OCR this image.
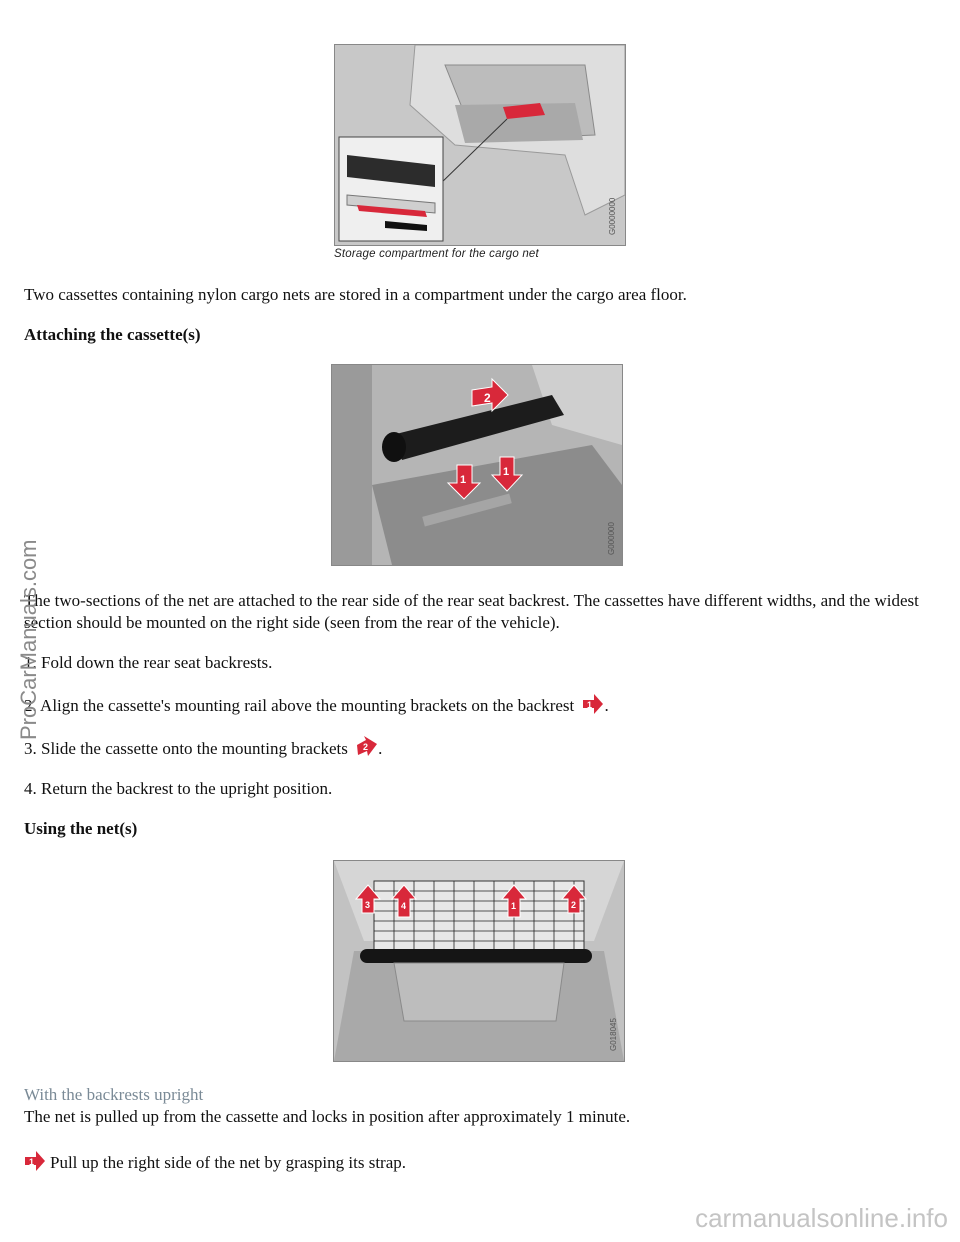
G0000000
Storage compartment for the cargo net
Two cassettes containing nylon cargo nets are stored in a compartment under the cargo area floor.
Attaching the cassette(s)
2
1
1
G000000
The two-sections of the net are attached to the rear side of the rear seat backrest. The cassettes have different widths, and the widest section should be mounted on the right side (seen from the rear of the vehicle).
1. Fold down the rear seat backrests.
2. Align the cassette's mounting rail above the mounting brackets on the backrest 1 .
3. Slide the cassette onto the mounting brackets 2 .
4. Return the backrest to the upright position.
Using the net(s)
3	4	1	2
G018045
With the backrests upright
The net is pulled up from the cassette and locks in position after approximately 1 minute.
1 Pull up the right side of the net by grasping its strap.
ProCarManuals.com
carmanualsonline.info
